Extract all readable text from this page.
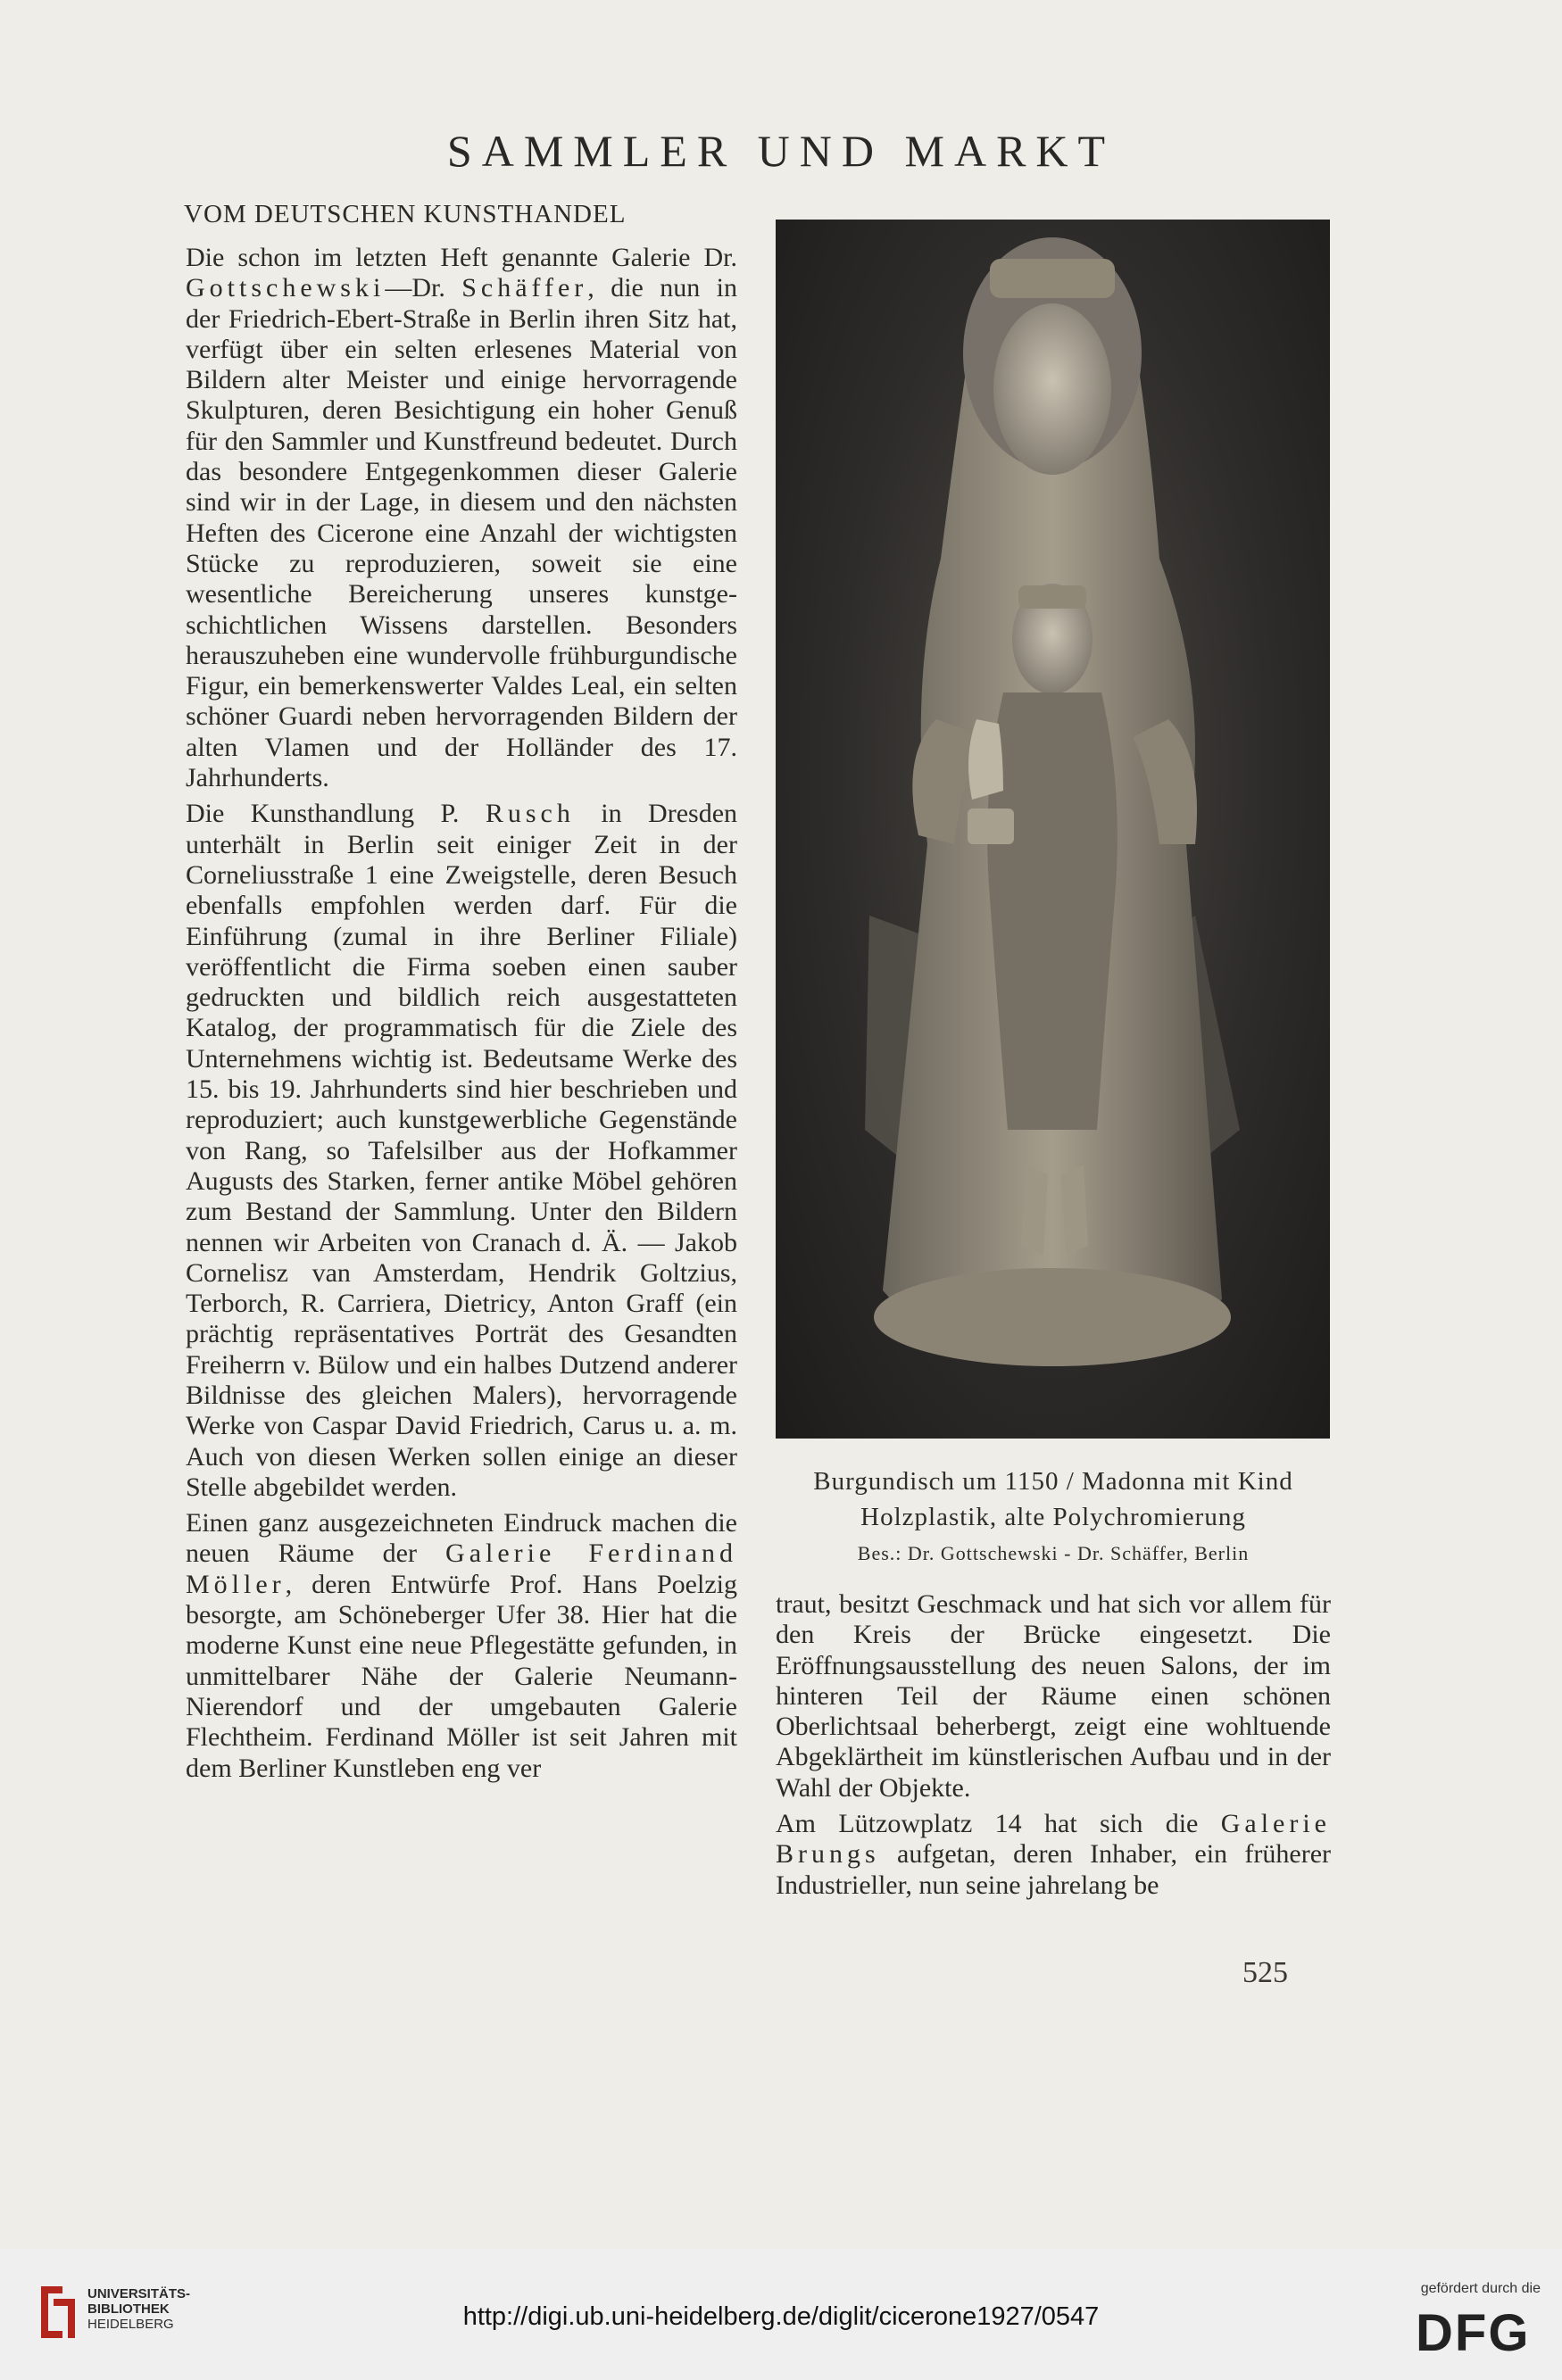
SAMMLER UND MARKT
VOM DEUTSCHEN KUNSTHANDEL

Die schon im letzten Heft genannte Galerie Dr. Gottschewski—Dr. Schäffer, die nun in der Friedrich-Ebert-Straße in Berlin ihren Sitz hat, verfügt über ein selten erlesenes Material von Bildern alter Meister und einige hervorragende Skulpturen, deren Besichtigung ein hoher Genuß für den Sammler und Kunstfreund bedeutet. Durch das besondere Entgegenkommen dieser Galerie sind wir in der Lage, in diesem und den nächsten Heften des Cicerone eine Anzahl der wichtigsten Stücke zu reproduzieren, soweit sie eine wesentliche Bereicherung unseres kunstgeschichtlichen Wissens darstellen. Besonders herauszuheben eine wundervolle frühburgundische Figur, ein bemerkenswerter Valdes Leal, ein selten schöner Guardi neben hervorragenden Bildern der alten Vlamen und der Holländer des 17. Jahrhunderts.

Die Kunsthandlung P. Rusch in Dresden unterhält in Berlin seit einiger Zeit in der Corneliusstraße 1 eine Zweigstelle, deren Besuch ebenfalls empfohlen werden darf. Für die Einführung (zumal in ihre Berliner Filiale) veröffentlicht die Firma soeben einen sauber gedruckten und bildlich reich ausgestatteten Katalog, der programmatisch für die Ziele des Unternehmens wichtig ist. Bedeutsame Werke des 15. bis 19. Jahrhunderts sind hier beschrieben und reproduziert; auch kunstgewerbliche Gegenstände von Rang, so Tafelsilber aus der Hofkammer Augusts des Starken, ferner antike Möbel gehören zum Bestand der Sammlung. Unter den Bildern nennen wir Arbeiten von Cranach d. Ä. — Jakob Cornelisz van Amsterdam, Hendrik Goltzius, Terborch, R. Carriera, Dietricy, Anton Graff (ein prächtig repräsentatives Porträt des Gesandten Freiherrn v. Bülow und ein halbes Dutzend anderer Bildnisse des gleichen Malers), hervorragende Werke von Caspar David Friedrich, Carus u. a. m. Auch von diesen Werken sollen einige an dieser Stelle abgebildet werden.

Einen ganz ausgezeichneten Eindruck machen die neuen Räume der Galerie Ferdinand Möller, deren Entwürfe Prof. Hans Poelzig besorgte, am Schöneberger Ufer 38. Hier hat die moderne Kunst eine neue Pflegestätte gefunden, in unmittelbarer Nähe der Galerie Neumann-Nierendorf und der umgebauten Galerie Flechtheim. Ferdinand Möller ist seit Jahren mit dem Berliner Kunstleben eng ver

Burgundisch um 1150 / Madonna mit Kind
Holzplastik, alte Polychromierung
Bes.: Dr. Gottschewski - Dr. Schäffer, Berlin

traut, besitzt Geschmack und hat sich vor allem für den Kreis der Brücke eingesetzt. Die Eröffnungsausstellung des neuen Salons, der im hinteren Teil der Räume einen schönen Oberlichtsaal beherbergt, zeigt eine wohltuende Abgeklärtheit im künstlerischen Aufbau und in der Wahl der Objekte.

Am Lützowplatz 14 hat sich die Galerie Brungs aufgetan, deren Inhaber, ein früherer Industrieller, nun seine jahrelang be

525
UNIVERSITÄTS-
BIBLIOTHEK
HEIDELBERG	http://digi.ub.uni-heidelberg.de/diglit/cicerone1927/0547
gefördert durch die
DFG
